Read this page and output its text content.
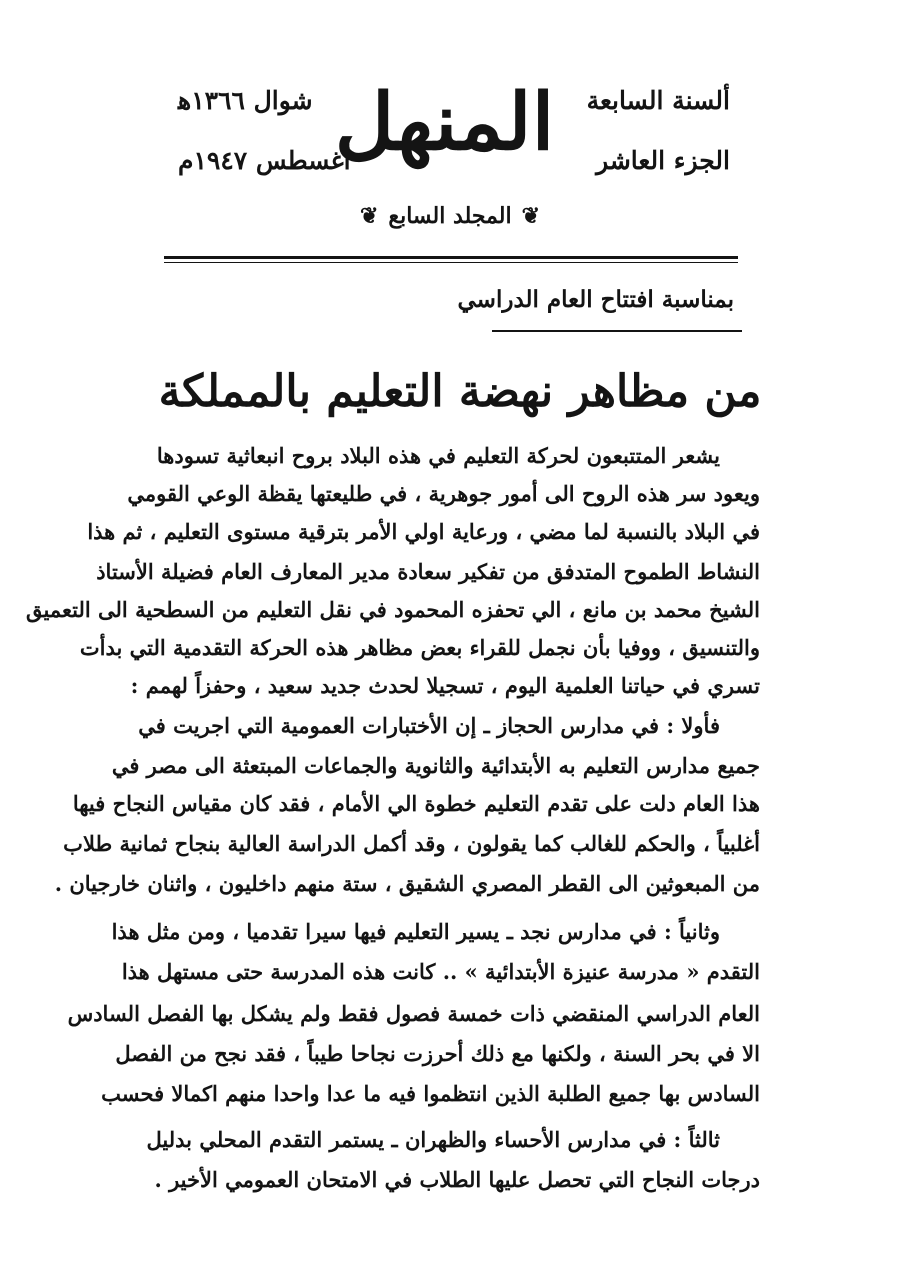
ألسنة السابعة
الجزء العاشر
شوال ١٣٦٦ﻫ
أغسطس ١٩٤٧م
المنهل
❦ المجلد السابع ❦
بمناسبة افتتاح العام الدراسي
من مظاهر نهضة التعليم بالمملكة
يشعر المتتبعون لحركة التعليم في هذه البلاد بروح انبعاثية تسودها
ويعود سر هذه الروح الى أمور جوهرية ، في طليعتها يقظة الوعي القومي
في البلاد بالنسبة لما مضي ، ورعاية اولي الأمر بترقية مستوى التعليم ، ثم هذا
النشاط الطموح المتدفق من تفكير سعادة مدير المعارف العام فضيلة الأستاذ
الشيخ محمد بن مانع ، الي تحفزه المحمود في نقل التعليم من السطحية الى التعميق
والتنسيق ، ووفيا بأن نجمل للقراء بعض مظاهر هذه الحركة التقدمية التي بدأت
تسري في حياتنا العلمية اليوم ، تسجيلا لحدث جديد سعيد ، وحفزاً لهمم :
فأولا : في مدارس الحجاز ـ إن الأختبارات العمومية التي اجريت في
جميع مدارس التعليم به الأبتدائية والثانوية والجماعات المبتعثة الى مصر في
هذا العام دلت على تقدم التعليم خطوة الي الأمام ، فقد كان مقياس النجاح فيها
أغلبياً ، والحكم للغالب كما يقولون ، وقد أكمل الدراسة العالية بنجاح ثمانية طلاب
من المبعوثين الى القطر المصري الشقيق ، ستة منهم داخليون ، واثنان خارجيان .
وثانياً : في مدارس نجد ـ يسير التعليم فيها سيرا تقدميا ، ومن مثل هذا
التقدم « مدرسة عنيزة الأبتدائية » .. كانت هذه المدرسة حتى مستهل هذا
العام الدراسي المنقضي ذات خمسة فصول فقط ولم يشكل بها الفصل السادس
الا في بحر السنة ، ولكنها مع ذلك أحرزت نجاحا طيباً ، فقد نجح من الفصل
السادس بها جميع الطلبة الذين انتظموا فيه ما عدا واحدا منهم اكمالا فحسب
ثالثاً : في مدارس الأحساء والظهران ـ يستمر التقدم المحلي بدليل
درجات النجاح التي تحصل عليها الطلاب في الامتحان العمومي الأخير .
